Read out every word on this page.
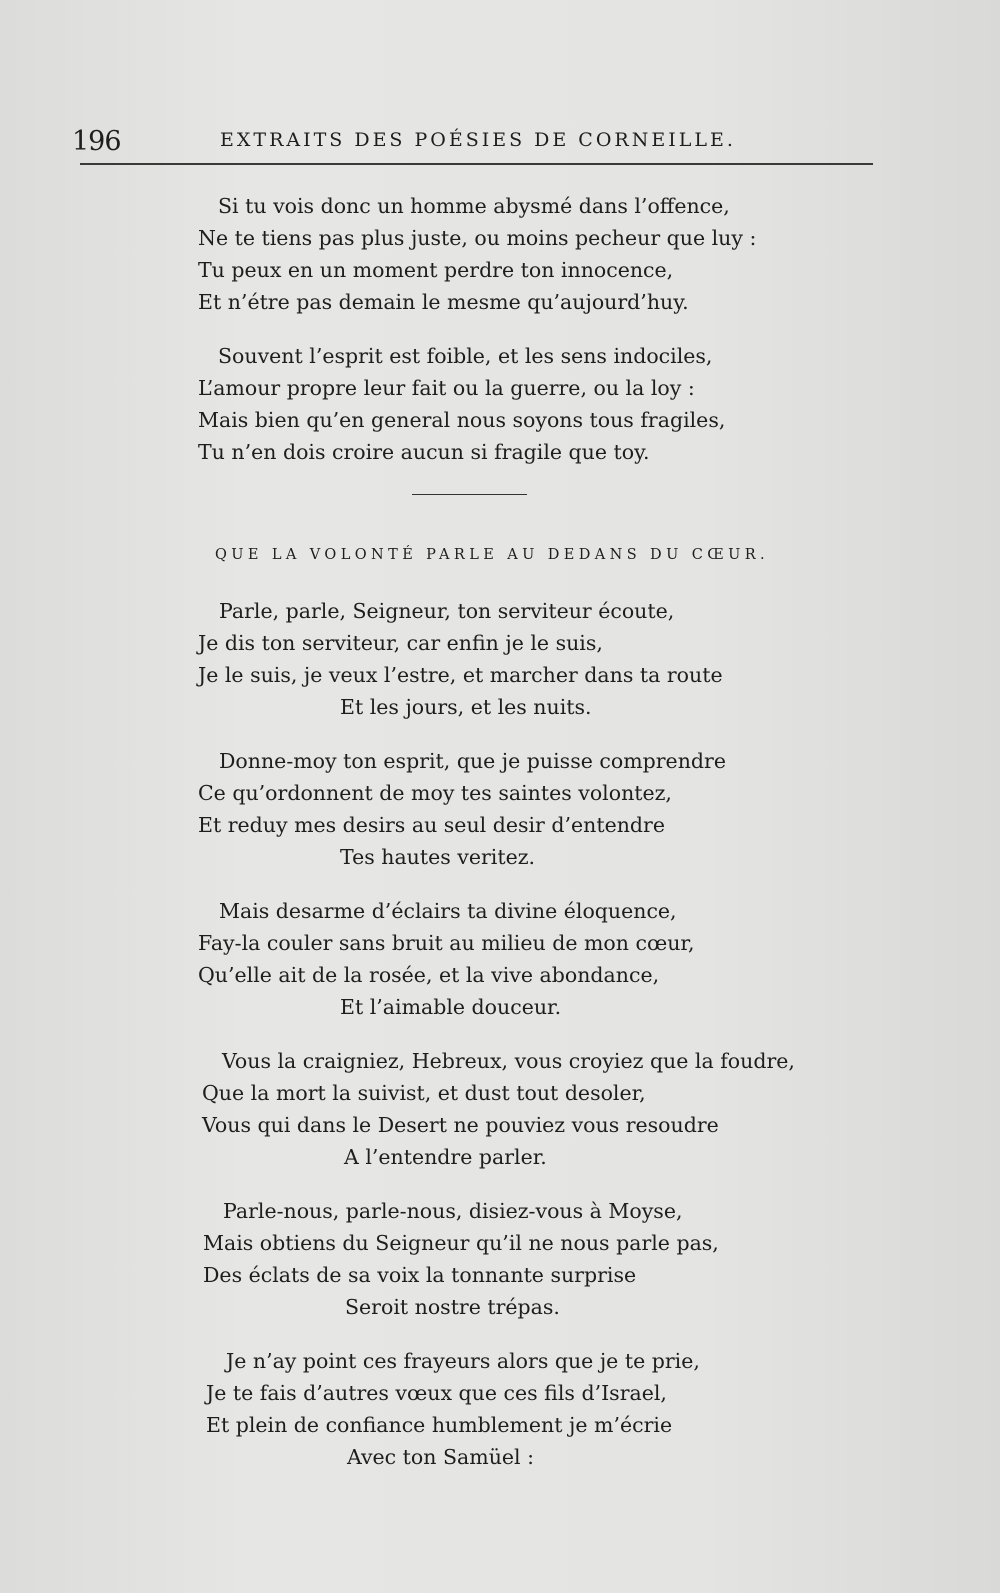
196	EXTRAITS DES POÉSIES DE CORNEILLE.
Si tu vois donc un homme abysmé dans l’offence,
Ne te tiens pas plus juste, ou moins pecheur que luy :
Tu peux en un moment perdre ton innocence,
Et n’étre pas demain le mesme qu’aujourd’huy.
Souvent l’esprit est foible, et les sens indociles,
L’amour propre leur fait ou la guerre, ou la loy :
Mais bien qu’en general nous soyons tous fragiles,
Tu n’en dois croire aucun si fragile que toy.
QUE LA VOLONTÉ PARLE AU DEDANS DU CŒUR.
Parle, parle, Seigneur, ton serviteur écoute,
Je dis ton serviteur, car enfin je le suis,
Je le suis, je veux l’estre, et marcher dans ta route
Et les jours, et les nuits.
Donne-moy ton esprit, que je puisse comprendre
Ce qu’ordonnent de moy tes saintes volontez,
Et reduy mes desirs au seul desir d’entendre
Tes hautes veritez.
Mais desarme d’éclairs ta divine éloquence,
Fay-la couler sans bruit au milieu de mon cœur,
Qu’elle ait de la rosée, et la vive abondance,
Et l’aimable douceur.
Vous la craigniez, Hebreux, vous croyiez que la foudre,
Que la mort la suivist, et dust tout desoler,
Vous qui dans le Desert ne pouviez vous resoudre
A l’entendre parler.
Parle-nous, parle-nous, disiez-vous à Moyse,
Mais obtiens du Seigneur qu’il ne nous parle pas,
Des éclats de sa voix la tonnante surprise
Seroit nostre trépas.
Je n’ay point ces frayeurs alors que je te prie,
Je te fais d’autres vœux que ces fils d’Israel,
Et plein de confiance humblement je m’écrie
Avec ton Samüel :
